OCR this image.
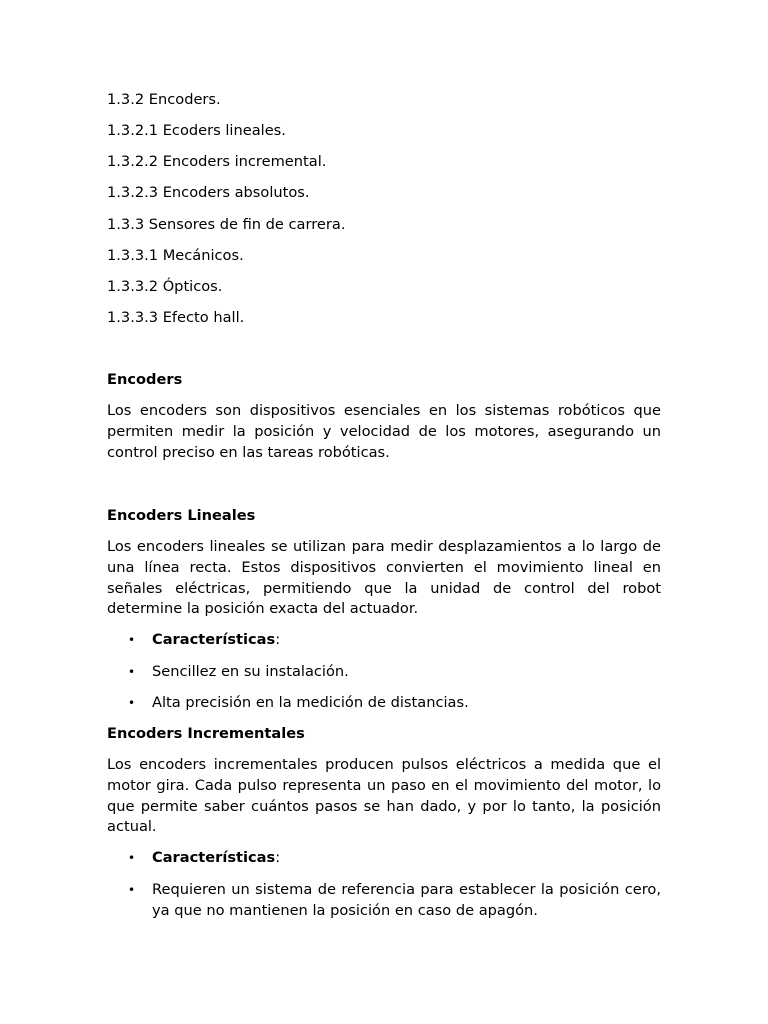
1.3.2 Encoders.
1.3.2.1 Ecoders lineales.
1.3.2.2 Encoders incremental.
1.3.2.3 Encoders absolutos.
1.3.3 Sensores de fin de carrera.
1.3.3.1 Mecánicos.
1.3.3.2 Ópticos.
1.3.3.3 Efecto hall.
Encoders
Los encoders son dispositivos esenciales en los sistemas robóticos que permiten medir la posición y velocidad de los motores, asegurando un control preciso en las tareas robóticas.
Encoders Lineales
Los encoders lineales se utilizan para medir desplazamientos a lo largo de una línea recta. Estos dispositivos convierten el movimiento lineal en señales eléctricas, permitiendo que la unidad de control del robot determine la posición exacta del actuador.
• Características:
• Sencillez en su instalación.
• Alta precisión en la medición de distancias.
Encoders Incrementales
Los encoders incrementales producen pulsos eléctricos a medida que el motor gira. Cada pulso representa un paso en el movimiento del motor, lo que permite saber cuántos pasos se han dado, y por lo tanto, la posición actual.
• Características:
• Requieren un sistema de referencia para establecer la posición cero, ya que no mantienen la posición en caso de apagón.
